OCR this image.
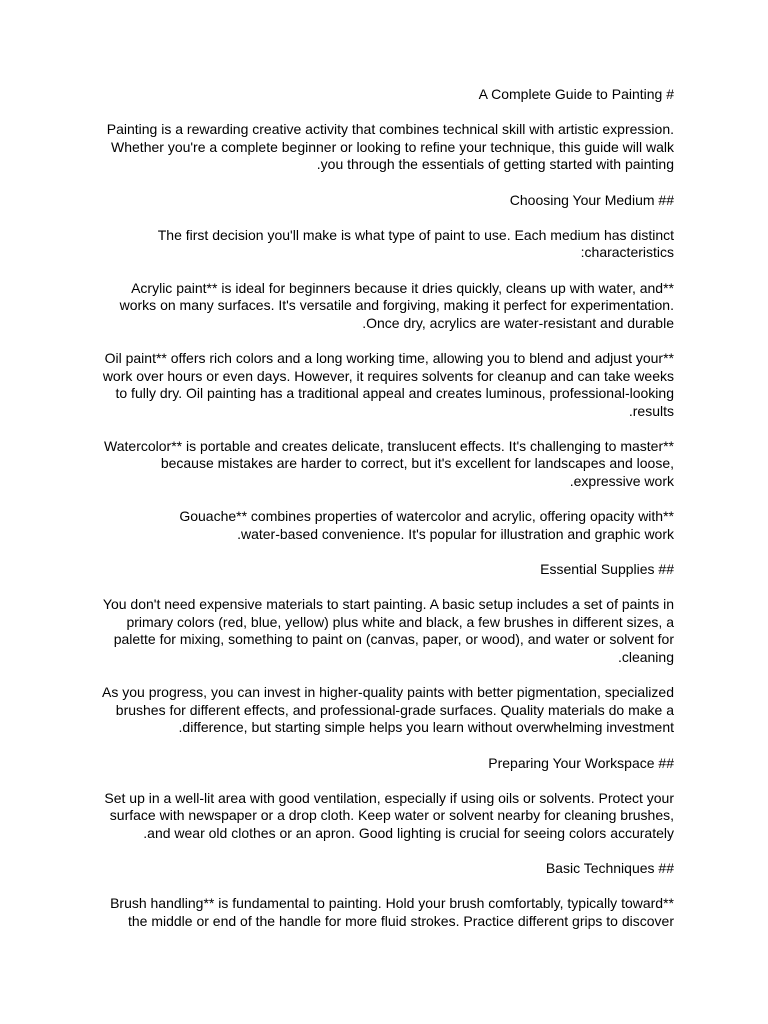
A Complete Guide to Painting #
Painting is a rewarding creative activity that combines technical skill with artistic expression.
Whether you're a complete beginner or looking to refine your technique, this guide will walk
.you through the essentials of getting started with painting
Choosing Your Medium ##
The first decision you'll make is what type of paint to use. Each medium has distinct
:characteristics
Acrylic paint** is ideal for beginners because it dries quickly, cleans up with water, and**
works on many surfaces. It's versatile and forgiving, making it perfect for experimentation.
.Once dry, acrylics are water-resistant and durable
Oil paint** offers rich colors and a long working time, allowing you to blend and adjust your**
work over hours or even days. However, it requires solvents for cleanup and can take weeks
to fully dry. Oil painting has a traditional appeal and creates luminous, professional-looking
.results
Watercolor** is portable and creates delicate, translucent effects. It's challenging to master**
because mistakes are harder to correct, but it's excellent for landscapes and loose,
.expressive work
Gouache** combines properties of watercolor and acrylic, offering opacity with**
.water-based convenience. It's popular for illustration and graphic work
Essential Supplies ##
You don't need expensive materials to start painting. A basic setup includes a set of paints in
primary colors (red, blue, yellow) plus white and black, a few brushes in different sizes, a
palette for mixing, something to paint on (canvas, paper, or wood), and water or solvent for
.cleaning
As you progress, you can invest in higher-quality paints with better pigmentation, specialized
brushes for different effects, and professional-grade surfaces. Quality materials do make a
.difference, but starting simple helps you learn without overwhelming investment
Preparing Your Workspace ##
Set up in a well-lit area with good ventilation, especially if using oils or solvents. Protect your
surface with newspaper or a drop cloth. Keep water or solvent nearby for cleaning brushes,
.and wear old clothes or an apron. Good lighting is crucial for seeing colors accurately
Basic Techniques ##
Brush handling** is fundamental to painting. Hold your brush comfortably, typically toward**
the middle or end of the handle for more fluid strokes. Practice different grips to discover
